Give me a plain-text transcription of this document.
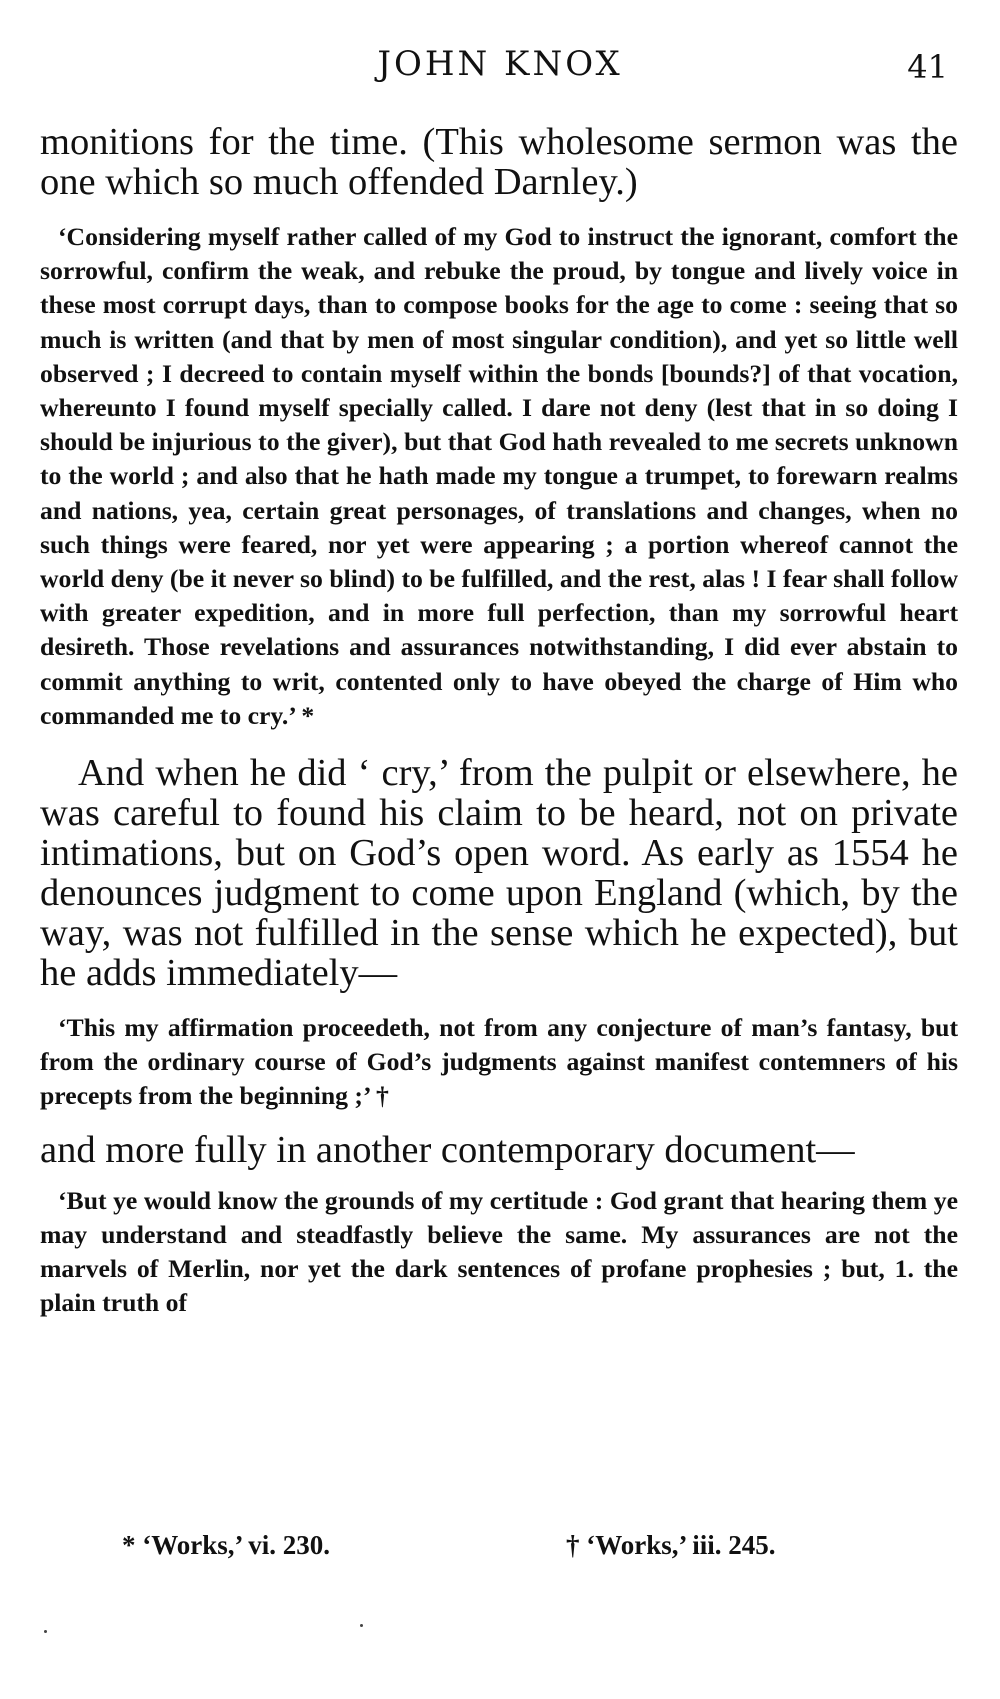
JOHN KNOX	41

monitions for the time. (This wholesome sermon was the one which so much offended Darnley.)

‘Considering myself rather called of my God to instruct the ignorant, comfort the sorrowful, confirm the weak, and rebuke the proud, by tongue and lively voice in these most corrupt days, than to compose books for the age to come : seeing that so much is written (and that by men of most singular condition), and yet so little well observed ; I decreed to contain myself within the bonds [bounds?] of that vocation, whereunto I found myself specially called. I dare not deny (lest that in so doing I should be injurious to the giver), but that God hath revealed to me secrets unknown to the world ; and also that he hath made my tongue a trumpet, to forewarn realms and nations, yea, certain great personages, of translations and changes, when no such things were feared, nor yet were appearing ; a portion whereof cannot the world deny (be it never so blind) to be fulfilled, and the rest, alas ! I fear shall follow with greater expedition, and in more full perfection, than my sorrowful heart desireth. Those revelations and assurances notwithstanding, I did ever abstain to commit anything to writ, contented only to have obeyed the charge of Him who commanded me to cry.’ *

And when he did ‘ cry,’ from the pulpit or elsewhere, he was careful to found his claim to be heard, not on private intimations, but on God’s open word. As early as 1554 he denounces judgment to come upon England (which, by the way, was not fulfilled in the sense which he expected), but he adds immediately—

‘This my affirmation proceedeth, not from any conjecture of man’s fantasy, but from the ordinary course of God’s judgments against manifest contemners of his precepts from the beginning ;’ †

and more fully in another contemporary document—

‘But ye would know the grounds of my certitude : God grant that hearing them ye may understand and steadfastly believe the same. My assurances are not the marvels of Merlin, nor yet the dark sentences of profane prophesies ; but, 1. the plain truth of

* ‘Works,’ vi. 230.	† ‘Works,’ iii. 245.
